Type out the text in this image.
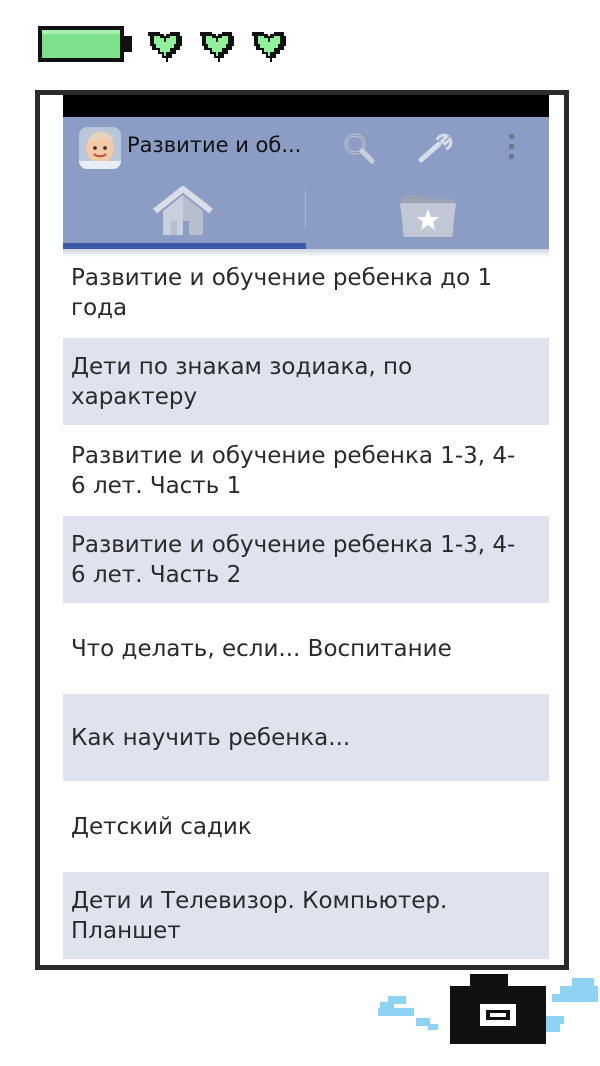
Развитие и об...
Развитие и обучение ребенка до 1 года
Дети по знакам зодиака, по характеру
Развитие и обучение ребенка 1-3, 4-6 лет. Часть 1
Развитие и обучение ребенка 1-3, 4-6 лет. Часть 2
Что делать, если... Воспитание
Как научить ребенка...
Детский садик
Дети и Телевизор. Компьютер. Планшет
